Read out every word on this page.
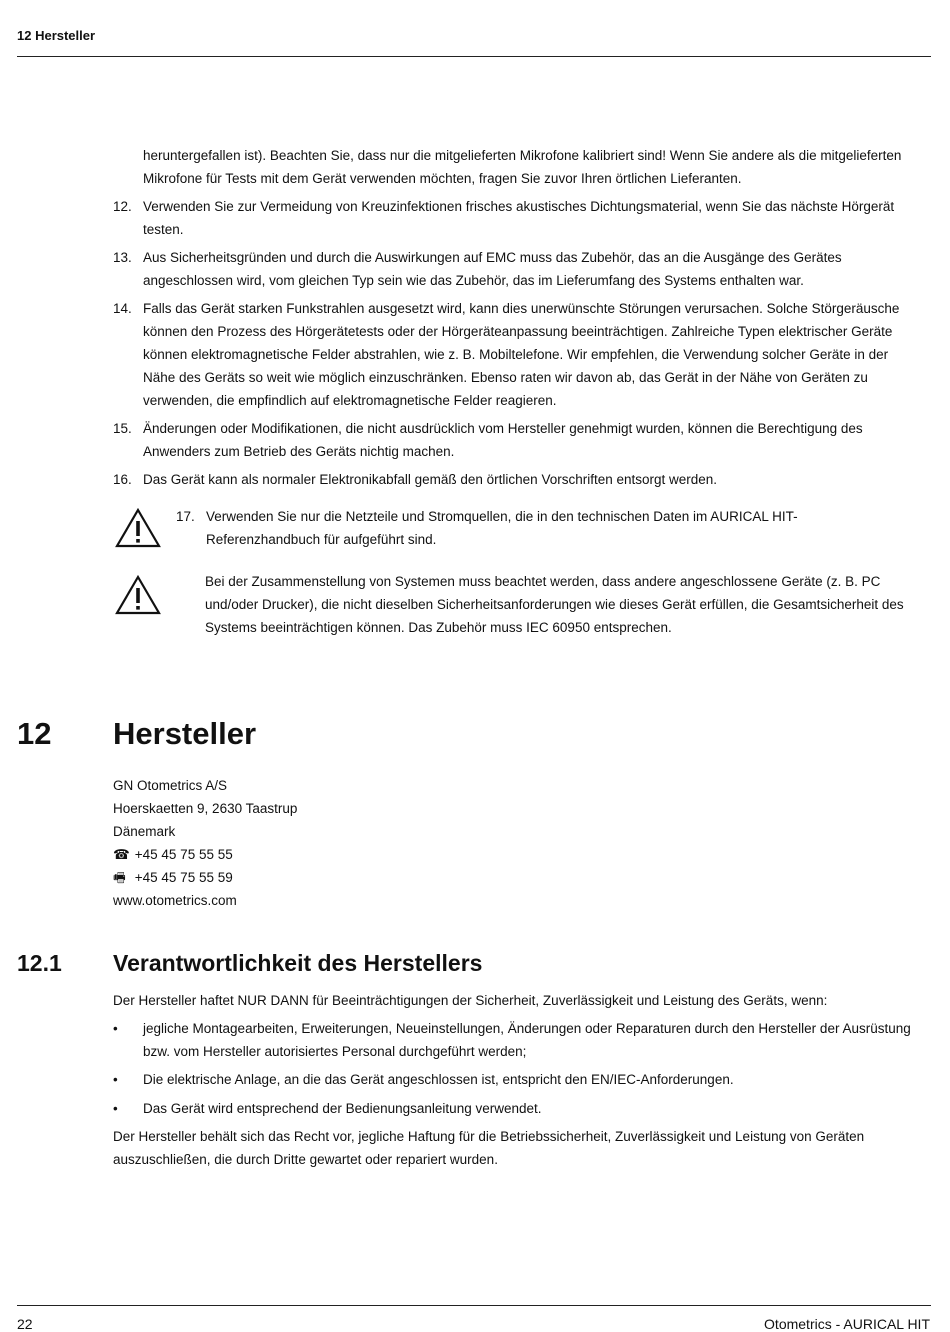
12 Hersteller
heruntergefallen ist). Beachten Sie, dass nur die mitgelieferten Mikrofone kalibriert sind! Wenn Sie andere als die mitgelieferten Mikrofone für Tests mit dem Gerät verwenden möchten, fragen Sie zuvor Ihren örtlichen Lieferanten.
12. Verwenden Sie zur Vermeidung von Kreuzinfektionen frisches akustisches Dichtungsmaterial, wenn Sie das nächste Hörgerät testen.
13. Aus Sicherheitsgründen und durch die Auswirkungen auf EMC muss das Zubehör, das an die Ausgänge des Gerätes angeschlossen wird, vom gleichen Typ sein wie das Zubehör, das im Lieferumfang des Systems enthalten war.
14. Falls das Gerät starken Funkstrahlen ausgesetzt wird, kann dies unerwünschte Störungen verursachen. Solche Störgeräusche können den Prozess des Hörgerätetests oder der Hörgeräteanpassung beeinträchtigen. Zahlreiche Typen elektrischer Geräte können elektromagnetische Felder abstrahlen, wie z. B. Mobiltelefone. Wir empfehlen, die Verwendung solcher Geräte in der Nähe des Geräts so weit wie möglich einzuschränken. Ebenso raten wir davon ab, das Gerät in der Nähe von Geräten zu verwenden, die empfindlich auf elektromagnetische Felder reagieren.
15. Änderungen oder Modifikationen, die nicht ausdrücklich vom Hersteller genehmigt wurden, können die Berechtigung des Anwenders zum Betrieb des Geräts nichtig machen.
16. Das Gerät kann als normaler Elektronikabfall gemäß den örtlichen Vorschriften entsorgt werden.
17. Verwenden Sie nur die Netzteile und Stromquellen, die in den technischen Daten im AURICAL HIT-Referenzhandbuch für aufgeführt sind.
Bei der Zusammenstellung von Systemen muss beachtet werden, dass andere angeschlossene Geräte (z. B. PC und/oder Drucker), die nicht dieselben Sicherheitsanforderungen wie dieses Gerät erfüllen, die Gesamtsicherheit des Systems beeinträchtigen können. Das Zubehör muss IEC 60950 entsprechen.
12 Hersteller
GN Otometrics A/S
Hoerskaetten 9, 2630 Taastrup
Dänemark
☎ +45 45 75 55 55
🖷 +45 45 75 55 59
www.otometrics.com
12.1 Verantwortlichkeit des Herstellers
Der Hersteller haftet NUR DANN für Beeinträchtigungen der Sicherheit, Zuverlässigkeit und Leistung des Geräts, wenn:
• jegliche Montagearbeiten, Erweiterungen, Neueinstellungen, Änderungen oder Reparaturen durch den Hersteller der Ausrüstung bzw. vom Hersteller autorisiertes Personal durchgeführt werden;
• Die elektrische Anlage, an die das Gerät angeschlossen ist, entspricht den EN/IEC-Anforderungen.
• Das Gerät wird entsprechend der Bedienungsanleitung verwendet.
Der Hersteller behält sich das Recht vor, jegliche Haftung für die Betriebssicherheit, Zuverlässigkeit und Leistung von Geräten auszuschließen, die durch Dritte gewartet oder repariert wurden.
22	Otometrics - AURICAL HIT
